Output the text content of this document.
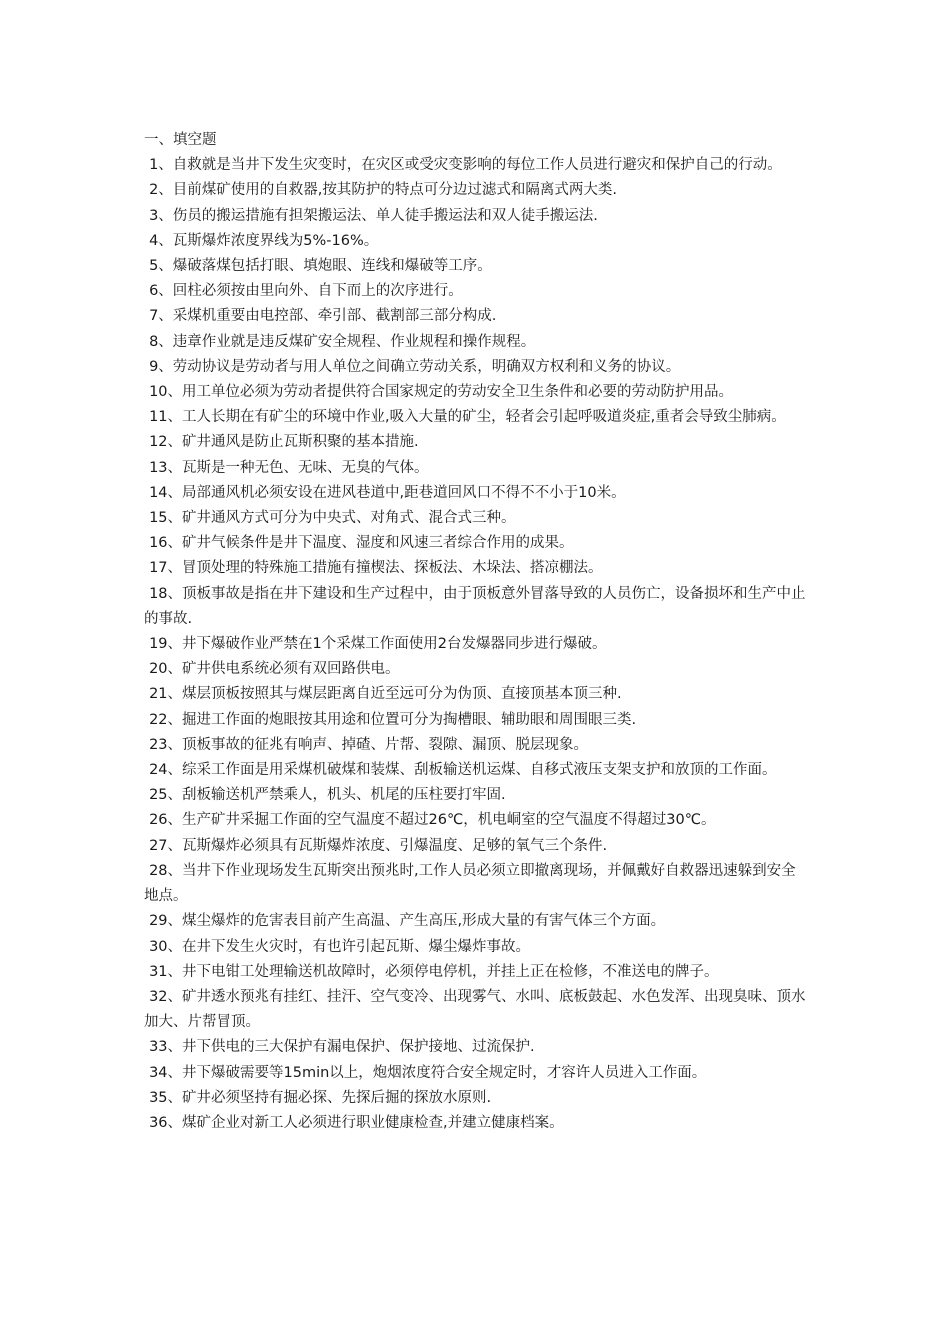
一、填空题

1、自救就是当井下发生灾变时，在灾区或受灾变影响的每位工作人员进行避灾和保护自己的行动。

2、目前煤矿使用的自救器,按其防护的特点可分边过滤式和隔离式两大类.

3、伤员的搬运措施有担架搬运法、单人徒手搬运法和双人徒手搬运法.

4、瓦斯爆炸浓度界线为5%-16%。

5、爆破落煤包括打眼、填炮眼、连线和爆破等工序。

6、回柱必须按由里向外、自下而上的次序进行。

7、采煤机重要由电控部、牵引部、截割部三部分构成.

8、违章作业就是违反煤矿安全规程、作业规程和操作规程。

9、劳动协议是劳动者与用人单位之间确立劳动关系，明确双方权利和义务的协议。

10、用工单位必须为劳动者提供符合国家规定的劳动安全卫生条件和必要的劳动防护用品。

11、工人长期在有矿尘的环境中作业,吸入大量的矿尘，轻者会引起呼吸道炎症,重者会导致尘肺病。

12、矿井通风是防止瓦斯积聚的基本措施.

13、瓦斯是一种无色、无味、无臭的气体。

14、局部通风机必须安设在进风巷道中,距巷道回风口不得不不小于10米。

15、矿井通风方式可分为中央式、对角式、混合式三种。

16、矿井气候条件是井下温度、湿度和风速三者综合作用的成果。

17、冒顶处理的特殊施工措施有撞楔法、探板法、木垛法、搭凉棚法。

18、顶板事故是指在井下建设和生产过程中，由于顶板意外冒落导致的人员伤亡，设备损坏和生产中止的事故.

19、井下爆破作业严禁在1个采煤工作面使用2台发爆器同步进行爆破。

20、矿井供电系统必须有双回路供电。

21、煤层顶板按照其与煤层距离自近至远可分为伪顶、直接顶基本顶三种.

22、掘进工作面的炮眼按其用途和位置可分为掏槽眼、辅助眼和周围眼三类.

23、顶板事故的征兆有响声、掉碴、片帮、裂隙、漏顶、脱层现象。

24、综采工作面是用采煤机破煤和装煤、刮板输送机运煤、自移式液压支架支护和放顶的工作面。

25、刮板输送机严禁乘人，机头、机尾的压柱要打牢固.

26、生产矿井采掘工作面的空气温度不超过26℃，机电峒室的空气温度不得超过30℃。

27、瓦斯爆炸必须具有瓦斯爆炸浓度、引爆温度、足够的氧气三个条件.

28、当井下作业现场发生瓦斯突出预兆时,工作人员必须立即撤离现场，并佩戴好自救器迅速躲到安全地点。

29、煤尘爆炸的危害表目前产生高温、产生高压,形成大量的有害气体三个方面。

30、在井下发生火灾时，有也许引起瓦斯、爆尘爆炸事故。

31、井下电钳工处理输送机故障时，必须停电停机，并挂上正在检修，不准送电的牌子。

32、矿井透水预兆有挂红、挂汗、空气变冷、出现雾气、水叫、底板鼓起、水色发浑、出现臭味、顶水加大、片帮冒顶。

33、井下供电的三大保护有漏电保护、保护接地、过流保护.

34、井下爆破需要等15min以上，炮烟浓度符合安全规定时，才容许人员进入工作面。

35、矿井必须坚持有掘必探、先探后掘的探放水原则.

36、煤矿企业对新工人必须进行职业健康检查,并建立健康档案。
